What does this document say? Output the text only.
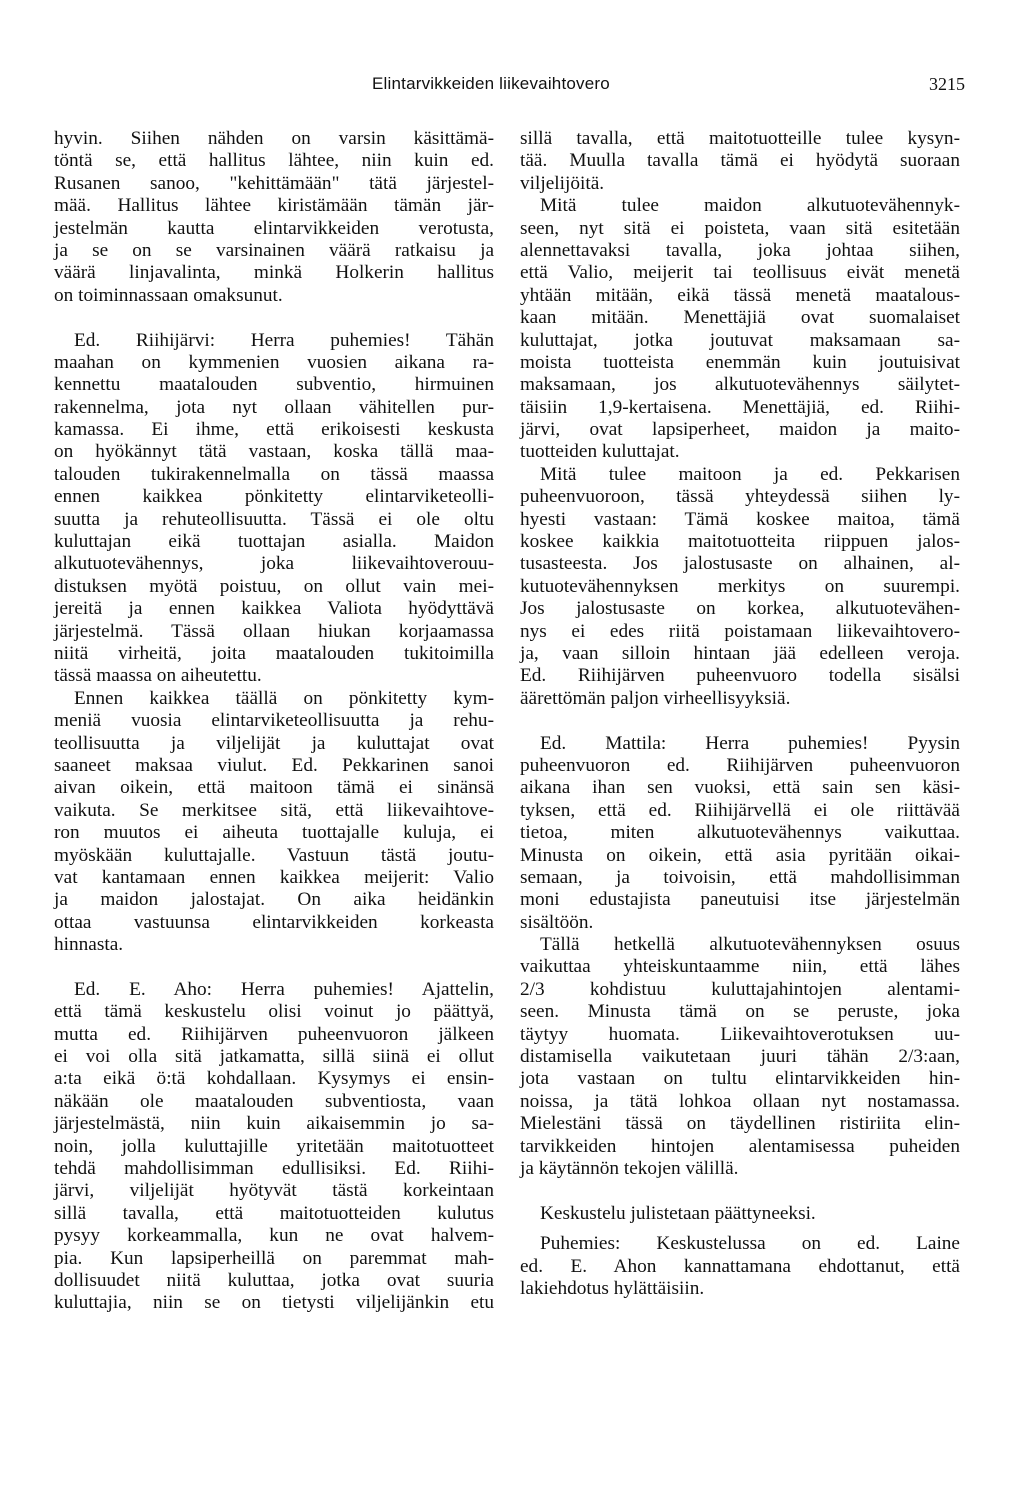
Elintarvikkeiden liikevaihtovero	3215
hyvin. Siihen nähden on varsin käsittämä-
töntä se, että hallitus lähtee, niin kuin ed.
Rusanen sanoo, "kehittämään" tätä järjestel-
mää. Hallitus lähtee kiristämään tämän jär-
jestelmän kautta elintarvikkeiden verotusta,
ja se on se varsinainen väärä ratkaisu ja
väärä linjavalinta, minkä Holkerin hallitus
on toiminnassaan omaksunut.
Ed. Riihijärvi: Herra puhemies! Tähän
maahan on kymmenien vuosien aikana ra-
kennettu maatalouden subventio, hirmuinen
rakennelma, jota nyt ollaan vähitellen pur-
kamassa. Ei ihme, että erikoisesti keskusta
on hyökännyt tätä vastaan, koska tällä maa-
talouden tukirakennelmalla on tässä maassa
ennen kaikkea pönkitetty elintarviketeolli-
suutta ja rehuteollisuutta. Tässä ei ole oltu
kuluttajan eikä tuottajan asialla. Maidon
alkutuotevähennys, joka liikevaihtoverouu-
distuksen myötä poistuu, on ollut vain mei-
jereitä ja ennen kaikkea Valiota hyödyttävä
järjestelmä. Tässä ollaan hiukan korjaamassa
niitä virheitä, joita maatalouden tukitoimilla
tässä maassa on aiheutettu.
Ennen kaikkea täällä on pönkitetty kym-
meniä vuosia elintarviketeollisuutta ja rehu-
teollisuutta ja viljelijät ja kuluttajat ovat
saaneet maksaa viulut. Ed. Pekkarinen sanoi
aivan oikein, että maitoon tämä ei sinänsä
vaikuta. Se merkitsee sitä, että liikevaihtove-
ron muutos ei aiheuta tuottajalle kuluja, ei
myöskään kuluttajalle. Vastuun tästä joutu-
vat kantamaan ennen kaikkea meijerit: Valio
ja maidon jalostajat. On aika heidänkin
ottaa vastuunsa elintarvikkeiden korkeasta
hinnasta.
Ed. E. Aho: Herra puhemies! Ajattelin,
että tämä keskustelu olisi voinut jo päättyä,
mutta ed. Riihijärven puheenvuoron jälkeen
ei voi olla sitä jatkamatta, sillä siinä ei ollut
a:ta eikä ö:tä kohdallaan. Kysymys ei ensin-
näkään ole maatalouden subventiosta, vaan
järjestelmästä, niin kuin aikaisemmin jo sa-
noin, jolla kuluttajille yritetään maitotuotteet
tehdä mahdollisimman edullisiksi. Ed. Riihi-
järvi, viljelijät hyötyvät tästä korkeintaan
sillä tavalla, että maitotuotteiden kulutus
pysyy korkeammalla, kun ne ovat halvem-
pia. Kun lapsiperheillä on paremmat mah-
dollisuudet niitä kuluttaa, jotka ovat suuria
kuluttajia, niin se on tietysti viljelijänkin etu
sillä tavalla, että maitotuotteille tulee kysyn-
tää. Muulla tavalla tämä ei hyödytä suoraan
viljelijöitä.
Mitä tulee maidon alkutuotevähennyk-
seen, nyt sitä ei poisteta, vaan sitä esitetään
alennettavaksi tavalla, joka johtaa siihen,
että Valio, meijerit tai teollisuus eivät menetä
yhtään mitään, eikä tässä menetä maatalous-
kaan mitään. Menettäjiä ovat suomalaiset
kuluttajat, jotka joutuvat maksamaan sa-
moista tuotteista enemmän kuin joutuisivat
maksamaan, jos alkutuotevähennys säilytet-
täisiin 1,9-kertaisena. Menettäjiä, ed. Riihi-
järvi, ovat lapsiperheet, maidon ja maito-
tuotteiden kuluttajat.
Mitä tulee maitoon ja ed. Pekkarisen
puheenvuoroon, tässä yhteydessä siihen ly-
hyesti vastaan: Tämä koskee maitoa, tämä
koskee kaikkia maitotuotteita riippuen jalos-
tusasteesta. Jos jalostusaste on alhainen, al-
kutuotevähennyksen merkitys on suurempi.
Jos jalostusaste on korkea, alkutuotevähen-
nys ei edes riitä poistamaan liikevaihtovero-
ja, vaan silloin hintaan jää edelleen veroja.
Ed. Riihijärven puheenvuoro todella sisälsi
äärettömän paljon virheellisyyksiä.
Ed. Mattila: Herra puhemies! Pyysin
puheenvuoron ed. Riihijärven puheenvuoron
aikana ihan sen vuoksi, että sain sen käsi-
tyksen, että ed. Riihijärvellä ei ole riittävää
tietoa, miten alkutuotevähennys vaikuttaa.
Minusta on oikein, että asia pyritään oikai-
semaan, ja toivoisin, että mahdollisimman
moni edustajista paneutuisi itse järjestelmän
sisältöön.
Tällä hetkellä alkutuotevähennyksen osuus
vaikuttaa yhteiskuntaamme niin, että lähes
2/3 kohdistuu kuluttajahintojen alentami-
seen. Minusta tämä on se peruste, joka
täytyy huomata. Liikevaihtoverotuksen uu-
distamisella vaikutetaan juuri tähän 2/3:aan,
jota vastaan on tultu elintarvikkeiden hin-
noissa, ja tätä lohkoa ollaan nyt nostamassa.
Mielestäni tässä on täydellinen ristiriita elin-
tarvikkeiden hintojen alentamisessa puheiden
ja käytännön tekojen välillä.
Keskustelu julistetaan päättyneeksi.
Puhemies: Keskustelussa on ed. Laine
ed. E. Ahon kannattamana ehdottanut, että
lakiehdotus hylättäisiin.
